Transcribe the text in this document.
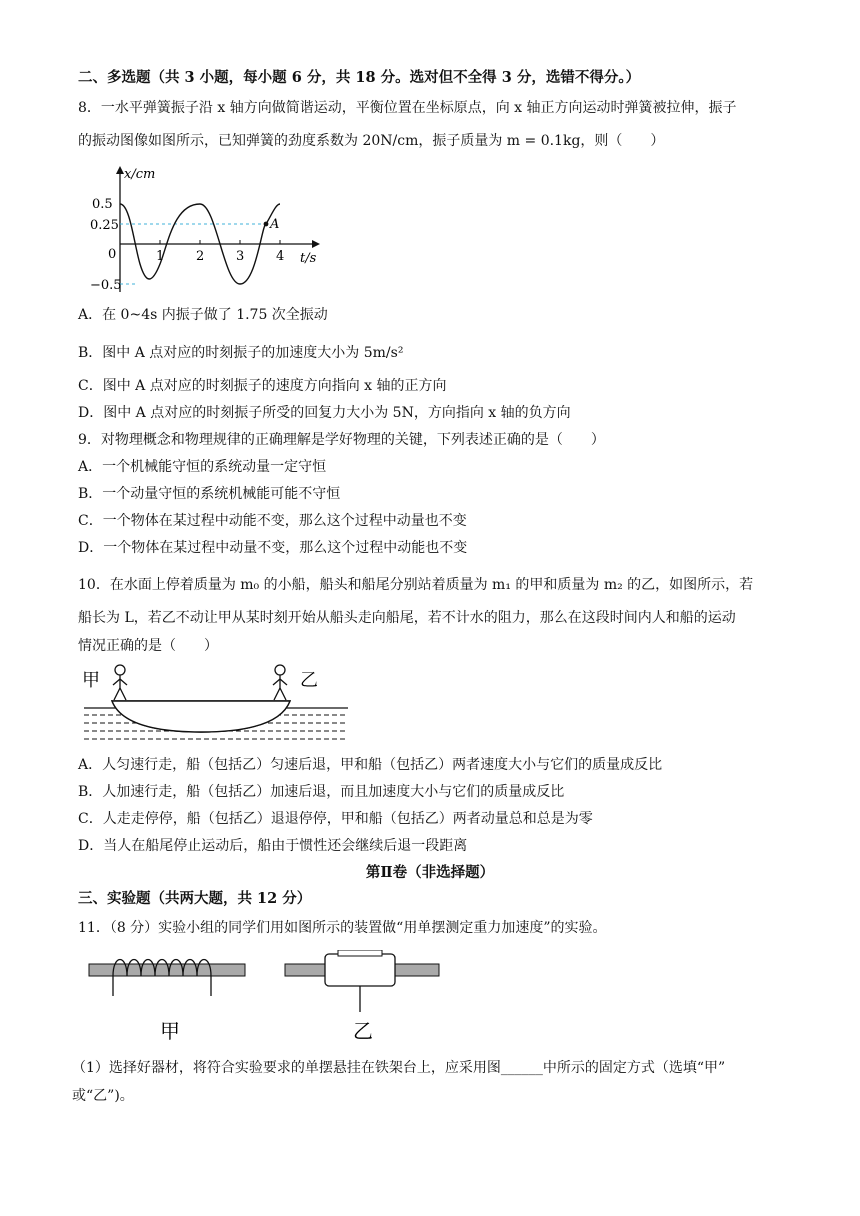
二、多选题（共 3 小题，每小题 6 分，共 18 分。选对但不全得 3 分，选错不得分。）
8．一水平弹簧振子沿 x 轴方向做简谐运动，平衡位置在坐标原点，向 x 轴正方向运动时弹簧被拉伸，振子
的振动图像如图所示，已知弹簧的劲度系数为 20N/cm，振子质量为 m = 0.1kg，则（　　）
x/cm
t/s
0
0.5
0.25
−0.5
1 2 3 4
A
A．在 0~4s 内振子做了 1.75 次全振动
B．图中 A 点对应的时刻振子的加速度大小为 5m/s²
C．图中 A 点对应的时刻振子的速度方向指向 x 轴的正方向
D．图中 A 点对应的时刻振子所受的回复力大小为 5N，方向指向 x 轴的负方向
9．对物理概念和物理规律的正确理解是学好物理的关键，下列表述正确的是（　　）
A．一个机械能守恒的系统动量一定守恒
B．一个动量守恒的系统机械能可能不守恒
C．一个物体在某过程中动能不变，那么这个过程中动量也不变
D．一个物体在某过程中动量不变，那么这个过程中动能也不变
10．在水面上停着质量为 m₀ 的小船，船头和船尾分别站着质量为 m₁ 的甲和质量为 m₂ 的乙，如图所示，若
船长为 L，若乙不动让甲从某时刻开始从船头走向船尾，若不计水的阻力，那么在这段时间内人和船的运动
情况正确的是（　　）
甲	乙
A．人匀速行走，船（包括乙）匀速后退，甲和船（包括乙）两者速度大小与它们的质量成反比
B．人加速行走，船（包括乙）加速后退，而且加速度大小与它们的质量成反比
C．人走走停停，船（包括乙）退退停停，甲和船（包括乙）两者动量总和总是为零
D．当人在船尾停止运动后，船由于惯性还会继续后退一段距离
第Ⅱ卷（非选择题）
三、实验题（共两大题，共 12 分）
11．（8 分）实验小组的同学们用如图所示的装置做“用单摆测定重力加速度”的实验。
甲	乙
（1）选择好器材，将符合实验要求的单摆悬挂在铁架台上，应采用图______中所示的固定方式（选填“甲”
或“乙”)。
